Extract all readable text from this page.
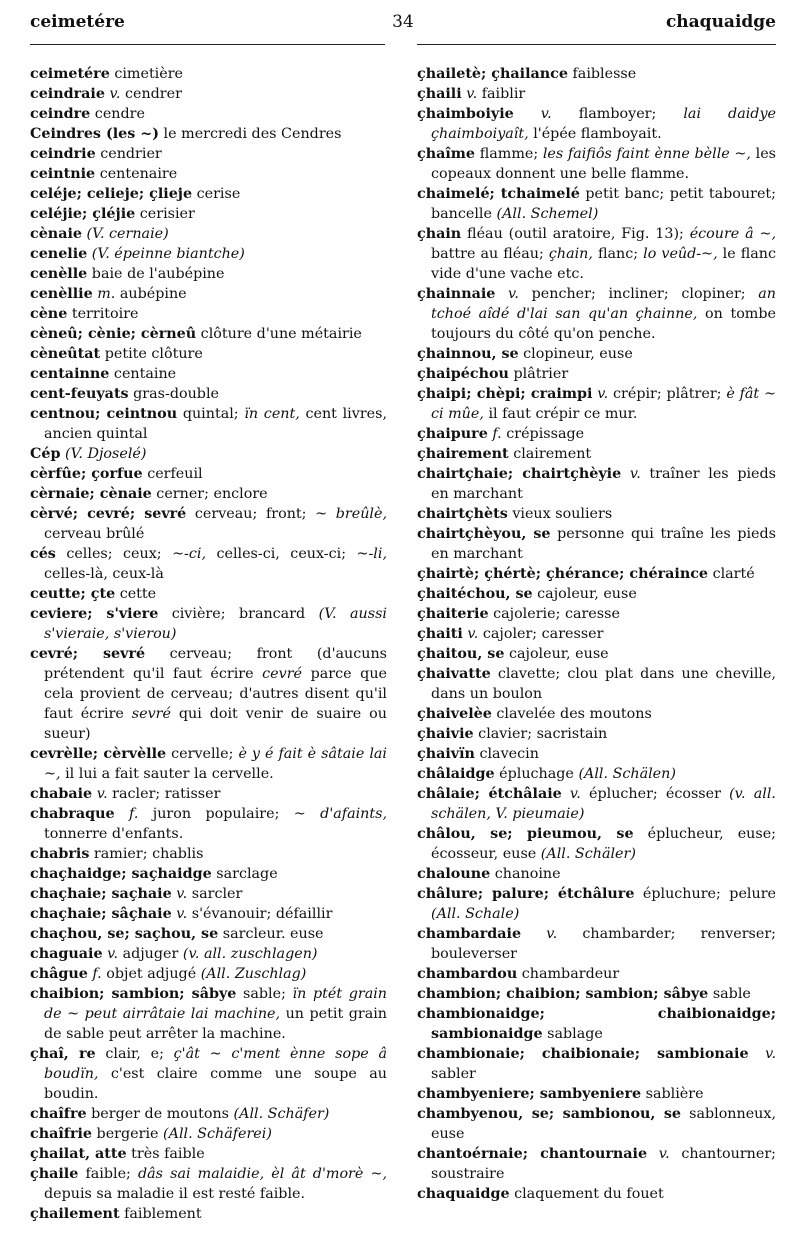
ceimetére	34	chaquaidge

ceimetére cimetière

ceindraie v. cendrer

ceindre cendre

Ceindres (les ~) le mercredi des Cendres

ceindrie cendrier

ceintnie centenaire

celéje; celieje; çlieje cerise

celéjie; çléjie cerisier

cènaie (V. cernaie)

cenelie (V. épeinne biantche)

cenèlle baie de l'aubépine

cenèllie m. aubépine

cène territoire

cèneû; cènie; cèrneû clôture d'une métairie

cèneûtat petite clôture

centainne centaine

cent-feuyats gras-double

centnou; ceintnou quintal; ïn cent, cent livres, ancien quintal

Cép (V. Djoselé)

cèrfûe; çorfue cerfeuil

cèrnaie; cènaie cerner; enclore

cèrvé; cevré; sevré cerveau; front; ~ breûlè, cerveau brûlé

cés celles; ceux; ~-ci, celles-ci, ceux-ci; ~-li, celles-là, ceux-là

ceutte; çte cette

ceviere; s'viere civière; brancard (V. aussi s'vieraie, s'vierou)

cevré; sevré cerveau; front (d'aucuns prétendent qu'il faut écrire cevré parce que cela provient de cerveau; d'autres disent qu'il faut écrire sevré qui doit venir de suaire ou sueur)

cevrèlle; cèrvèlle cervelle; è y é fait è sâtaie lai ~, il lui a fait sauter la cervelle.

chabaie v. racler; ratisser

chabraque f. juron populaire; ~ d'afaints, tonnerre d'enfants.

chabris ramier; chablis

chaçhaidge; saçhaidge sarclage

chaçhaie; saçhaie v. sarcler

chaçhaie; sâçhaie v. s'évanouir; défaillir

chaçhou, se; saçhou, se sarcleur. euse

chaguaie v. adjuger (v. all. zuschlagen)

châgue f. objet adjugé (All. Zuschlag)

chaibion; sambion; sâbye sable; ïn ptét grain de ~ peut airrâtaie lai machine, un petit grain de sable peut arrêter la machine.

çhaî, re clair, e; ç'ât ~ c'ment ènne sope â boudïn, c'est claire comme une soupe au boudin.

chaîfre berger de moutons (All. Schäfer)

chaîfrie bergerie (All. Schäferei)

çhailat, atte très faible

çhaile faible; dâs sai malaidie, èl ât d'morè ~, depuis sa maladie il est resté faible.

çhailement faiblement

çhailetè; çhailance faiblesse

çhaili v. faiblir

çhaimboiyie v. flamboyer; lai daidye çhaimboiyaît, l'épée flamboyait.

çhaîme flamme; les faifiôs faint ènne bèlle ~, les copeaux donnent une belle flamme.

chaimelé; tchaimelé petit banc; petit tabouret; bancelle (All. Schemel)

çhain fléau (outil aratoire, Fig. 13); écoure â ~, battre au fléau; çhain, flanc; lo veûd-~, le flanc vide d'une vache etc.

çhainnaie v. pencher; incliner; clopiner; an tchoé aîdé d'lai san qu'an çhainne, on tombe toujours du côté qu'on penche.

çhainnou, se clopineur, euse

çhaipéchou plâtrier

çhaipi; chèpi; craimpi v. crépir; plâtrer; è fât ~ ci mûe, il faut crépir ce mur.

çhaipure f. crépissage

çhairement clairement

chairtçhaie; chairtçhèyie v. traîner les pieds en marchant

chairtçhèts vieux souliers

chairtçhèyou, se personne qui traîne les pieds en marchant

çhairtè; çhértè; çhérance; chéraince clarté

çhaitéchou, se cajoleur, euse

çhaiterie cajolerie; caresse

çhaiti v. cajoler; caresser

çhaitou, se cajoleur, euse

çhaivatte clavette; clou plat dans une cheville, dans un boulon

çhaivelèe clavelée des moutons

çhaivie clavier; sacristain

çhaivïn clavecin

châlaidge épluchage (All. Schälen)

châlaie; étchâlaie v. éplucher; écosser (v. all. schälen, V. pieumaie)

châlou, se; pieumou, se éplucheur, euse; écosseur, euse (All. Schäler)

chaloune chanoine

châlure; palure; étchâlure épluchure; pelure (All. Schale)

chambardaie v. chambarder; renverser; bouleverser

chambardou chambardeur

chambion; chaibion; sambion; sâbye sable

chambionaidge; chaibionaidge; sambionaidge sablage

chambionaie; chaibionaie; sambionaie v. sabler

chambyeniere; sambyeniere sablière

chambyenou, se; sambionou, se sablonneux, euse

chantoérnaie; chantournaie v. chantourner; soustraire

chaquaidge claquement du fouet
